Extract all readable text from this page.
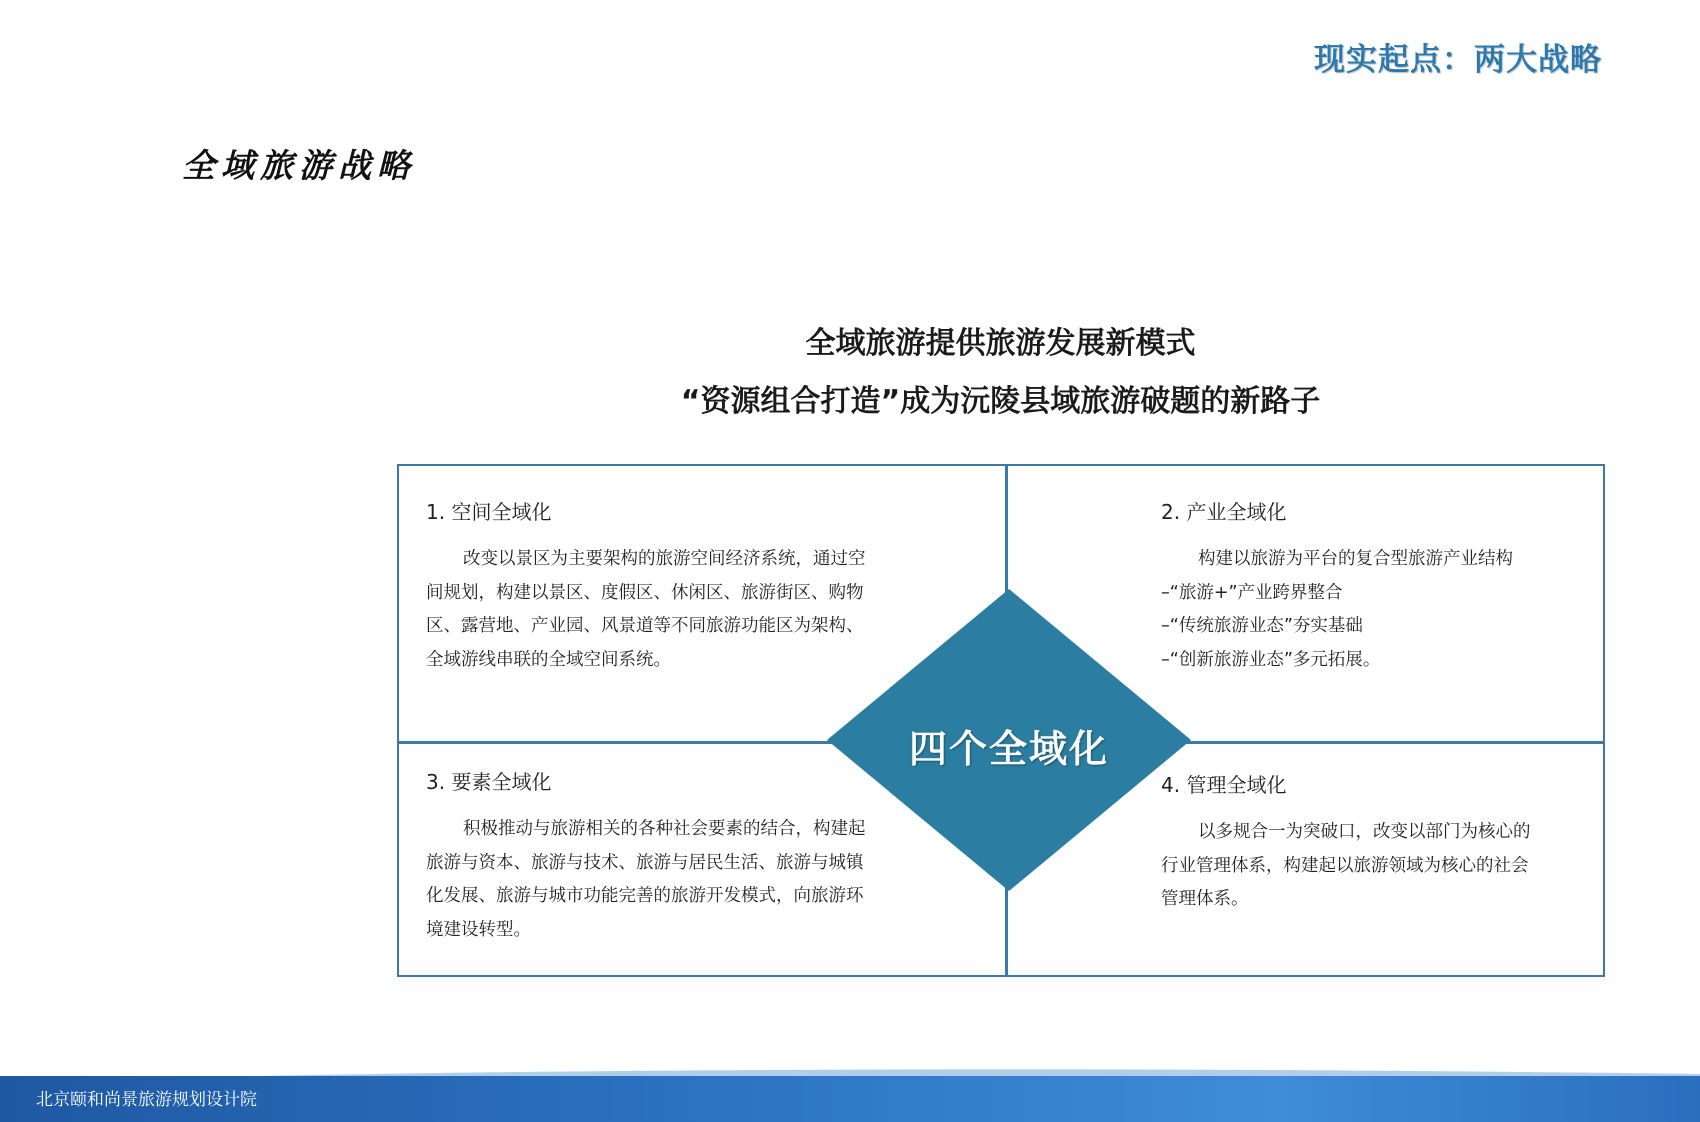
现实起点：两大战略
全域旅游战略
全域旅游提供旅游发展新模式
“资源组合打造”成为沅陵县域旅游破题的新路子
1. 空间全域化
改变以景区为主要架构的旅游空间经济系统，通过空
间规划，构建以景区、度假区、休闲区、旅游街区、购物
区、露营地、产业园、风景道等不同旅游功能区为架构、
全域游线串联的全域空间系统。
2. 产业全域化
构建以旅游为平台的复合型旅游产业结构
–“旅游+”产业跨界整合
–“传统旅游业态”夯实基础
–“创新旅游业态”多元拓展。
3. 要素全域化
积极推动与旅游相关的各种社会要素的结合，构建起
旅游与资本、旅游与技术、旅游与居民生活、旅游与城镇
化发展、旅游与城市功能完善的旅游开发模式，向旅游环
境建设转型。
4. 管理全域化
以多规合一为突破口，改变以部门为核心的
行业管理体系，构建起以旅游领域为核心的社会
管理体系。
四个全域化
北京颐和尚景旅游规划设计院
